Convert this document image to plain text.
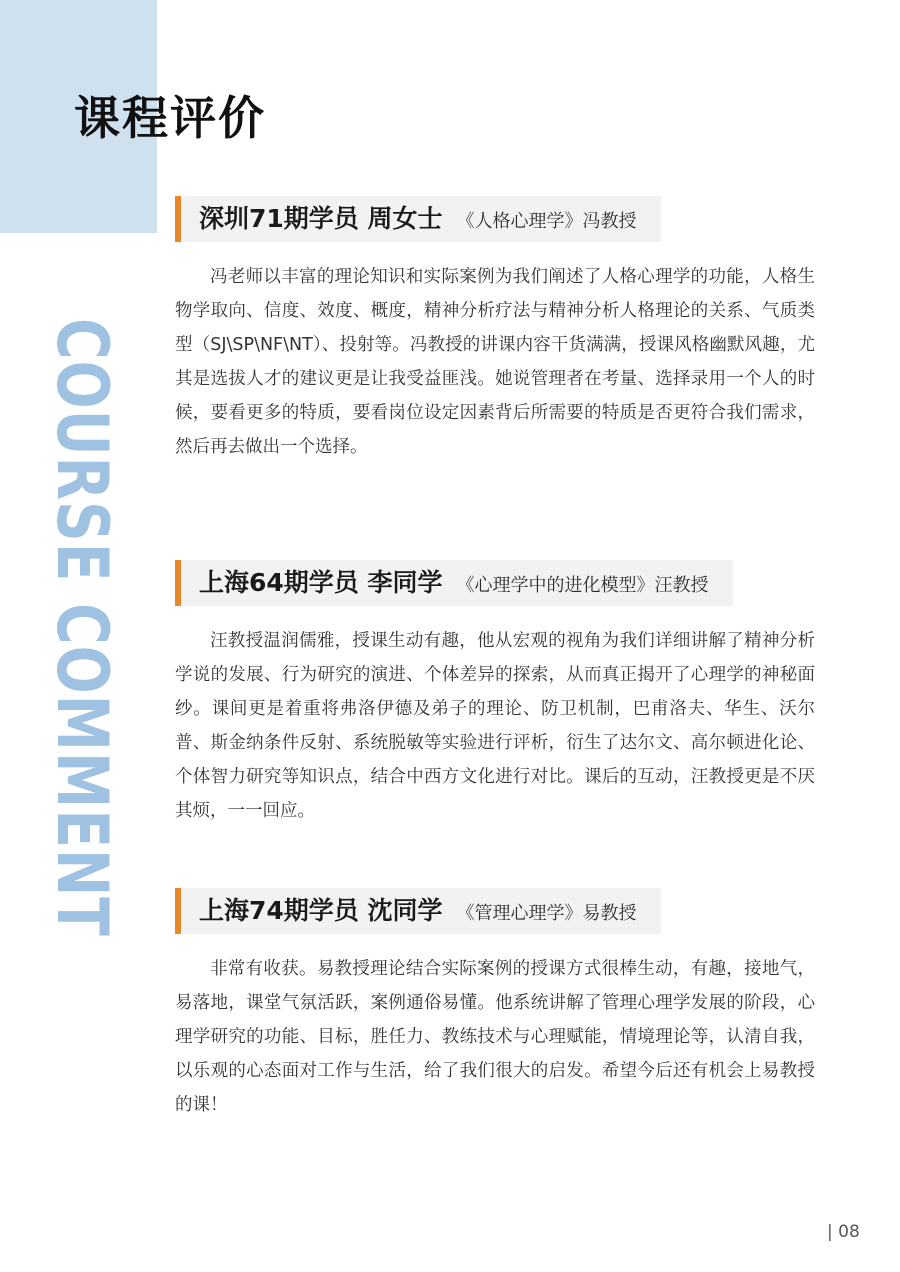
课程评价
COURSE COMMENT
深圳71期学员 周女士 《人格心理学》冯教授

冯老师以丰富的理论知识和实际案例为我们阐述了人格心理学的功能，人格生物学取向、信度、效度、概度，精神分析疗法与精神分析人格理论的关系、气质类型（SJ\SP\NF\NT）、投射等。冯教授的讲课内容干货满满，授课风格幽默风趣，尤其是选拔人才的建议更是让我受益匪浅。她说管理者在考量、选择录用一个人的时候，要看更多的特质，要看岗位设定因素背后所需要的特质是否更符合我们需求，然后再去做出一个选择。

上海64期学员 李同学 《心理学中的进化模型》汪教授

汪教授温润儒雅，授课生动有趣，他从宏观的视角为我们详细讲解了精神分析学说的发展、行为研究的演进、个体差异的探索，从而真正揭开了心理学的神秘面纱。课间更是着重将弗洛伊德及弟子的理论、防卫机制，巴甫洛夫、华生、沃尔普、斯金纳条件反射、系统脱敏等实验进行评析，衍生了达尔文、高尔顿进化论、个体智力研究等知识点，结合中西方文化进行对比。课后的互动，汪教授更是不厌其烦，一一回应。

上海74期学员 沈同学 《管理心理学》易教授

非常有收获。易教授理论结合实际案例的授课方式很棒生动，有趣，接地气，易落地，课堂气氛活跃，案例通俗易懂。他系统讲解了管理心理学发展的阶段，心理学研究的功能、目标，胜任力、教练技术与心理赋能，情境理论等，认清自我，以乐观的心态面对工作与生活，给了我们很大的启发。希望今后还有机会上易教授的课！

| 08
